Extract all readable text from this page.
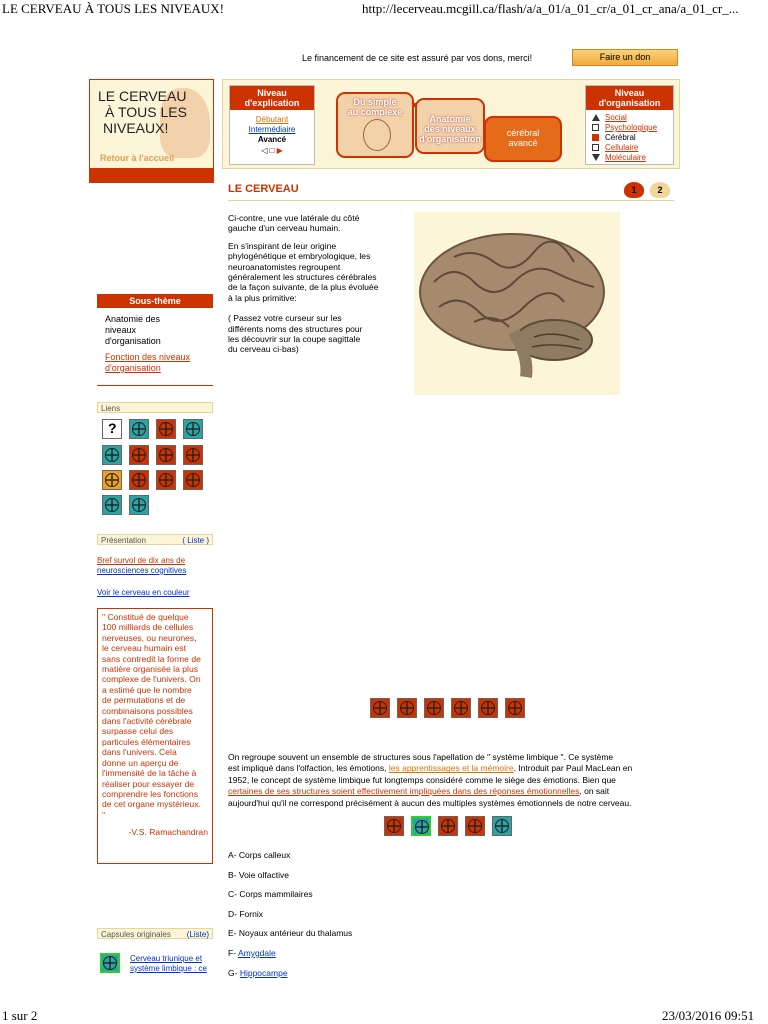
LE CERVEAU À TOUS LES NIVEAUX!	http://lecerveau.mcgill.ca/flash/a/a_01/a_01_cr/a_01_cr_ana/a_01_cr_...
Le financement de ce site est assuré par vos dons, merci!	Faire un don
LE CERVEAU
À TOUS LES
NIVEAUX!
Retour à l'accueil
Niveau
d'explication
Débutant
Intermédiaire
Avancé
◁ □ ▶
Du simple
au complexe
Anatomie
des niveaux
d'organisation
cérébral
avancé
Niveau
d'organisation
Social
Psychologique
Cérébral
Cellulaire
Moléculaire
LE CERVEAU	1	2
Sous-thème
Anatomie des
niveaux
d'organisation
Fonction des niveaux
d'organisation
Liens
?
Présentation	( Liste )
Bref survol de dix ans de
neurosciences cognitives
Voir le cerveau en couleur
" Constitué de quelque
100 milliards de cellules
nerveuses, ou neurones,
le cerveau humain est
sans contredit la forme de
matière organisée la plus
complexe de l'univers. On
a estimé que le nombre
de permutations et de
combinaisons possibles
dans l'activité cérébrale
surpasse celui des
particules élémentaires
dans l'univers. Cela
donne un aperçu de
l'immensité de la tâche à
réaliser pour essayer de
comprendre les fonctions
de cet organe mystérieux.
"
-V.S. Ramachandran
Capsules originales (Liste)
Cerveau triunique et
système limbique : ce
Ci-contre, une vue latérale du côté
gauche d'un cerveau humain.
En s'inspirant de leur origine
phylogénétique et embryologique, les
neuroanatomistes regroupent
généralement les structures cérébrales
de la façon suivante, de la plus évoluée
à la plus primitive:
( Passez votre curseur sur les
différents noms des structures pour
les découvrir sur la coupe sagittale
du cerveau ci-bas)
On regroupe souvent un ensemble de structures sous l'apellation de " système limbique ". Ce système
est impliqué dans l'olfaction, les émotions, les apprentissages et la mémoire. Introduit par Paul MacLean en
1952, le concept de système limbique fut longtemps considéré comme le siège des émotions. Bien que
certaines de ses structures soient effectivement impliquées dans des réponses émotionnelles, on sait
aujourd'hui qu'il ne correspond précisément à aucun des multiples systèmes émotionnels de notre cerveau.
A- Corps calleux
B- Voie olfactive
C- Corps mammilaires
D- Fornix
E- Noyaux antérieur du thalamus
F- Amygdale
G- Hippocampe
1 sur 2	23/03/2016 09:51
